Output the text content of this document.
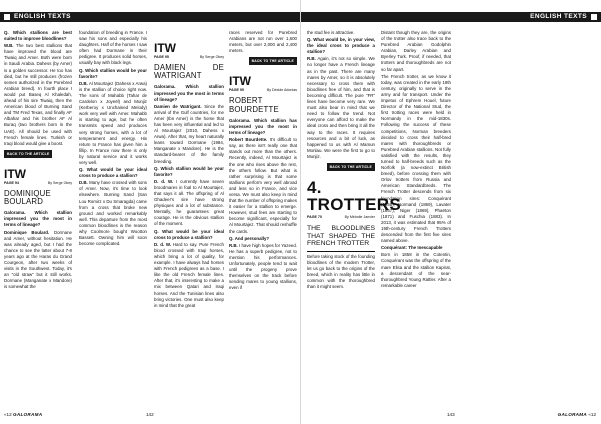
ENGLISH TEXTS

Q. Which stallions are best suited to improve bloodlines?

W.B. The two best stallions that have improved the blood are Tiwaiq and Amer. Both were born in Saudi Arabia. Dahess (by Amer) is a golden successor. He too has died, but he still produces (frozen semen authorized in the Purebred Arabian breed). In fourth place I would put Baseq Al Khaledah, ahead of his sire Tiwaiq, then the American blood of Burning Sand and TM Fred Texas, and finally AF Albahar and his brother AF Al Buraq (two brothers born in the UAE). All should be used with French female lines. Turkish or Iraqi blood would give a boost.

BACK TO THE ARTICLE
ITW
PAGE 94	By Serge Okey
DOMINIQUE BOULARD

Galorama. Which stallion impressed you the most in terms of lineage?

Dominique Boulard. Dormane and Amer, without hesitation. He was already aged, but I had the chance to see the latter about 7-8 years ago at the Haras du Grand Courgeon, after two weeks of visits in the Southwest. Today, it's an "old straw" but it still works. Dormane (Manganate x Mandore) is somewhat the

foundation of breeding in France. I saw his sons and especially his daughters. Half of the horses I saw often had Dormane in their pedigree. It produces solid horses, usually bay with black legs.

Q. Which stallion would be your favorite?

D.B. Al Mourtajez (Dahess x Arwa) is the stallion of choice right now. The sons of Mahabb (Tahar de Cardelon x Joyeël) and Munjiz (Kerberoy x Unchained Melody) work very well with Amer. Mahabb is starting to age, but he often transmits speed and produces very strong horses, with a lot of temperament and energy. His return to France has given him a fillip. In France now there is only by natural service and it works very well.

Q. What would be your ideal cross to produce a stallion?

D.B. Many have crossed with sons of Amer. Now, it's time to look elsewhere. Burning Sand (San Lou Romirz x Du Smaragda) came from a cross that broke new ground and worked remarkably well. This departure from the most common bloodlines is the reason why Coolmore bought Wootton Bassett. Owning him will soon become complicated.

ITW
PAGE 95	By Serge Okey
DAMIEN DE WATRIGANT

Galorama. Which stallion impressed you the most in terms of lineage?

Damien de Watrigant. Since the arrival of the Gulf countries, for me Amer (Ibn Amer) is the horse that has been very influential and led to Al Mourtajez (2010, Dahess x Arwa). After that, my heart naturally leans toward Dormane (1984, Manganate x Mandore). He is the standard-bearer of the family breeding.

Q. Which stallion would be your favorite?

D. d. W. I currently have seven broodmares in foal to Al Mourtajez, that says it all. The offspring of Al Ghadeer's sire have strong physiques and a lot of substance. Mentally, he guarantees great courage. He is the obvious stallion of the moment.

Q. What would be your ideal cross to produce a stallion?

D. d. W. Hard to say. Pure French blood crossed with Iraqi horses, which bring a lot of quality, for example. I have always had horses with French pedigrees as a base. I like the old French female lines. After that, it's interesting to make a mix between Qatari and Iraqi horses. And the Tunisian lines also bring victories. One must also keep in mind that the great

races reserved for Purebred Arabians are not run over 1,600 meters, but over 2,000 and 2,400 meters.

BACK TO THE ARTICLE
ITW
PAGE 95	By Décide Adonias
ROBERT BOURDETTE

Galorama. Which stallion has impressed you the most in terms of lineage?

Robert Bourdette. It's difficult to say, as there isn't really one that stands out more than the others. Recently, indeed, Al Mourtajez is the one who rises above the rest, the others follow. But what is rather surprising is that some stallions perform very well abroad and less so in France, and vice versa. We must also keep in mind that the number of offspring makes it easier for a stallion to emerge. However, stud fees are starting to become significant, especially for Al Mourtajez. That should reshuffle the cards.

Q. And personally?

R.B. I have high hopes for Yazeed. He has a superb pedigree, not to mention his performances. Unfortunately, people tend to wait until the progeny prove themselves on the track before sending mares to young stallions, even if

«12 GALORAMA	142
ENGLISH TEXTS

the stud fee is attractive.

Q. What would be, in your view, the ideal cross to produce a stallion?

R.B. Again, it's not so simple. We no longer have a French lineage as in the past. There are many mares by Amer, so it is absolutely necessary to cross them with bloodlines free of him, and that is becoming difficult. The pure "FR" lines have become very rare. We must also bear in mind that we need to follow the trend. Not everyone can afford to make the ideal cross and then bring it all the way to the races. It requires resources and a bit of luck, as happened to us with Al Mamun Monlau. We were the first to go to Munjiz.

BACK TO THE ARTICLE
4. TROTTERS
PAGE 70	By Mélodie Janvier
THE BLOODLINES THAT SHAPED THE FRENCH TROTTER

Before taking stock of the founding bloodlines of the modern Trotter, let us go back to the origins of the breed, which in reality has little in common with the thoroughbred than it might seem.

Distant though they are, the origins of the trotter also trace back to the Purebred Arabian Godolphin Arabian, Darley Arabian and Byerley Turk. Proof, if needed, that trotters and thoroughbreds are not so far apart.

The French trotter, as we know it today, was created in the early 19th century, originally to serve in the army and for transport. Under the impetus of Ephrem Houel, future Director of the National Stud, the first trotting races were held in Normandy in the mid-1830s. Following the success of these competitions, Norman breeders decided to cross their half-bred mares with thoroughbreds or Purebred Arabian stallions. Not fully satisfied with the results, they turned to half-breeds such as the Norfolk (a now-extinct British breed), before crossing them with Orlov trotters from Russia and American Standardbreds. The French Trotter descends from six foundation sires: Conquérant (1858), Normand (1869), Lavater (1867), Niger (1869), Phaëton (1871) and Fuschia (1883). In 2013, it was estimated that 95% of 19th-century French Trotters descended from the first five sires named above.

Conquérant: The Inescapable

Born in 1858 in the Cotentin, Conquérant was the offspring of the mare Elisa and the stallion Kapirat, a descendant of the near-thoroughbred Young Rattler. After a remarkable career

143	GALORAMA «12
